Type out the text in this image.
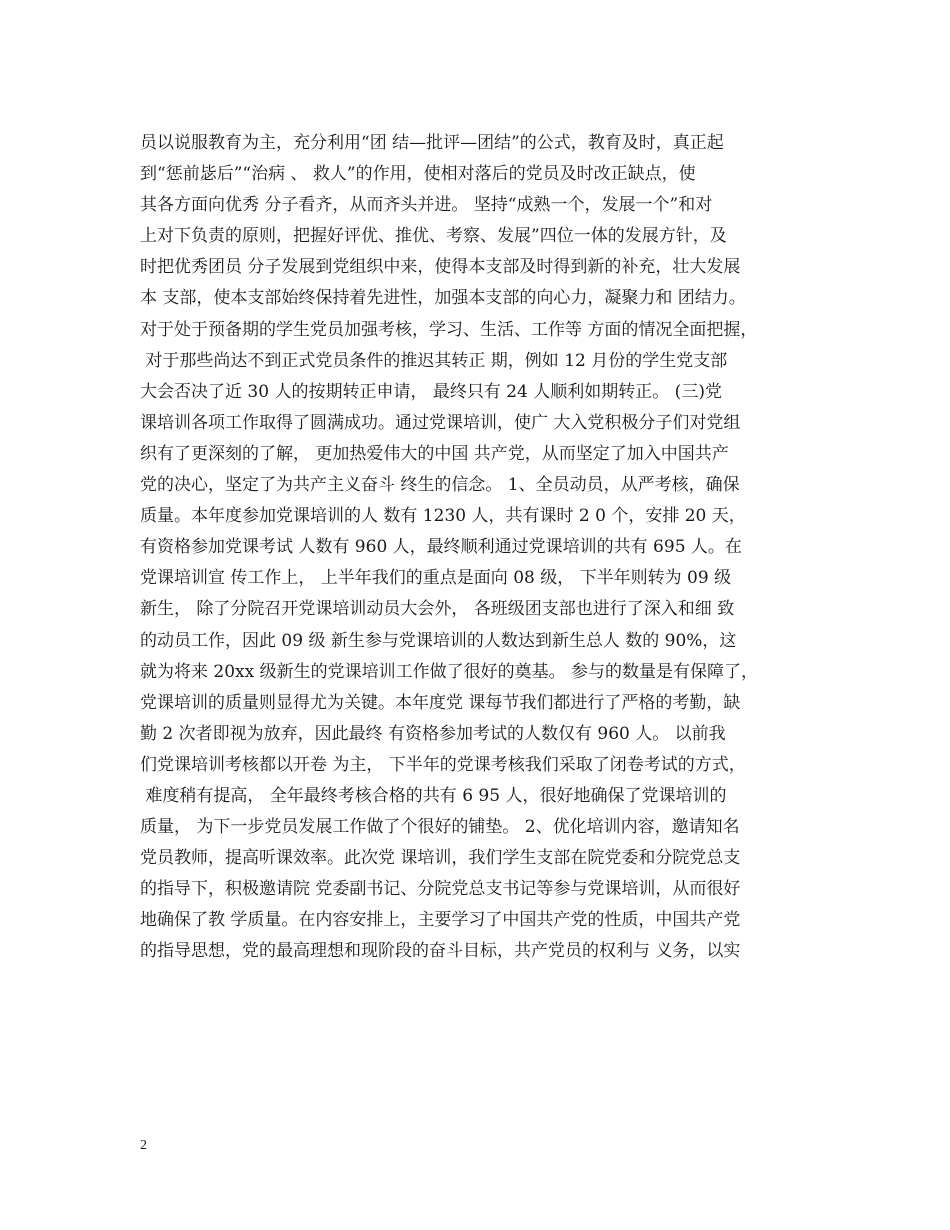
员以说服教育为主，充分利用“团 结—批评—团结”的公式，教育及时，真正起
到“惩前毖后”“治病 、 救人”的作用，使相对落后的党员及时改正缺点，使
其各方面向优秀 分子看齐，从而齐头并进。 坚持“成熟一个，发展一个”和对
上对下负责的原则，把握好评优、推优、考察、发展”四位一体的发展方针，及
时把优秀团员 分子发展到党组织中来，使得本支部及时得到新的补充，壮大发展
本 支部，使本支部始终保持着先进性，加强本支部的向心力，凝聚力和 团结力。
对于处于预备期的学生党员加强考核，学习、生活、工作等 方面的情况全面把握，
对于那些尚达不到正式党员条件的推迟其转正 期，例如 12 月份的学生党支部
大会否决了近 30 人的按期转正申请， 最终只有 24 人顺利如期转正。 (三)党
课培训各项工作取得了圆满成功。通过党课培训，使广 大入党积极分子们对党组
织有了更深刻的了解， 更加热爱伟大的中国 共产党，从而坚定了加入中国共产
党的决心，坚定了为共产主义奋斗 终生的信念。 1、全员动员，从严考核，确保
质量。本年度参加党课培训的人 数有 1230 人，共有课时 2 0 个，安排 20 天，
有资格参加党课考试 人数有 960 人，最终顺利通过党课培训的共有 695 人。在
党课培训宣 传工作上， 上半年我们的重点是面向 08 级， 下半年则转为 09 级
新生， 除了分院召开党课培训动员大会外， 各班级团支部也进行了深入和细 致
的动员工作，因此 09 级 新生参与党课培训的人数达到新生总人 数的 90%，这
就为将来 20xx 级新生的党课培训工作做了很好的奠基。 参与的数量是有保障了，
党课培训的质量则显得尤为关键。本年度党 课每节我们都进行了严格的考勤，缺
勤 2 次者即视为放弃，因此最终 有资格参加考试的人数仅有 960 人。 以前我
们党课培训考核都以开卷 为主， 下半年的党课考核我们采取了闭卷考试的方式，
难度稍有提高， 全年最终考核合格的共有 6 95 人，很好地确保了党课培训的
质量， 为下一步党员发展工作做了个很好的铺垫。 2、优化培训内容，邀请知名
党员教师，提高听课效率。此次党 课培训，我们学生支部在院党委和分院党总支
的指导下，积极邀请院 党委副书记、分院党总支书记等参与党课培训，从而很好
地确保了教 学质量。在内容安排上，主要学习了中国共产党的性质，中国共产党
的指导思想，党的最高理想和现阶段的奋斗目标，共产党员的权利与 义务，以实
2
